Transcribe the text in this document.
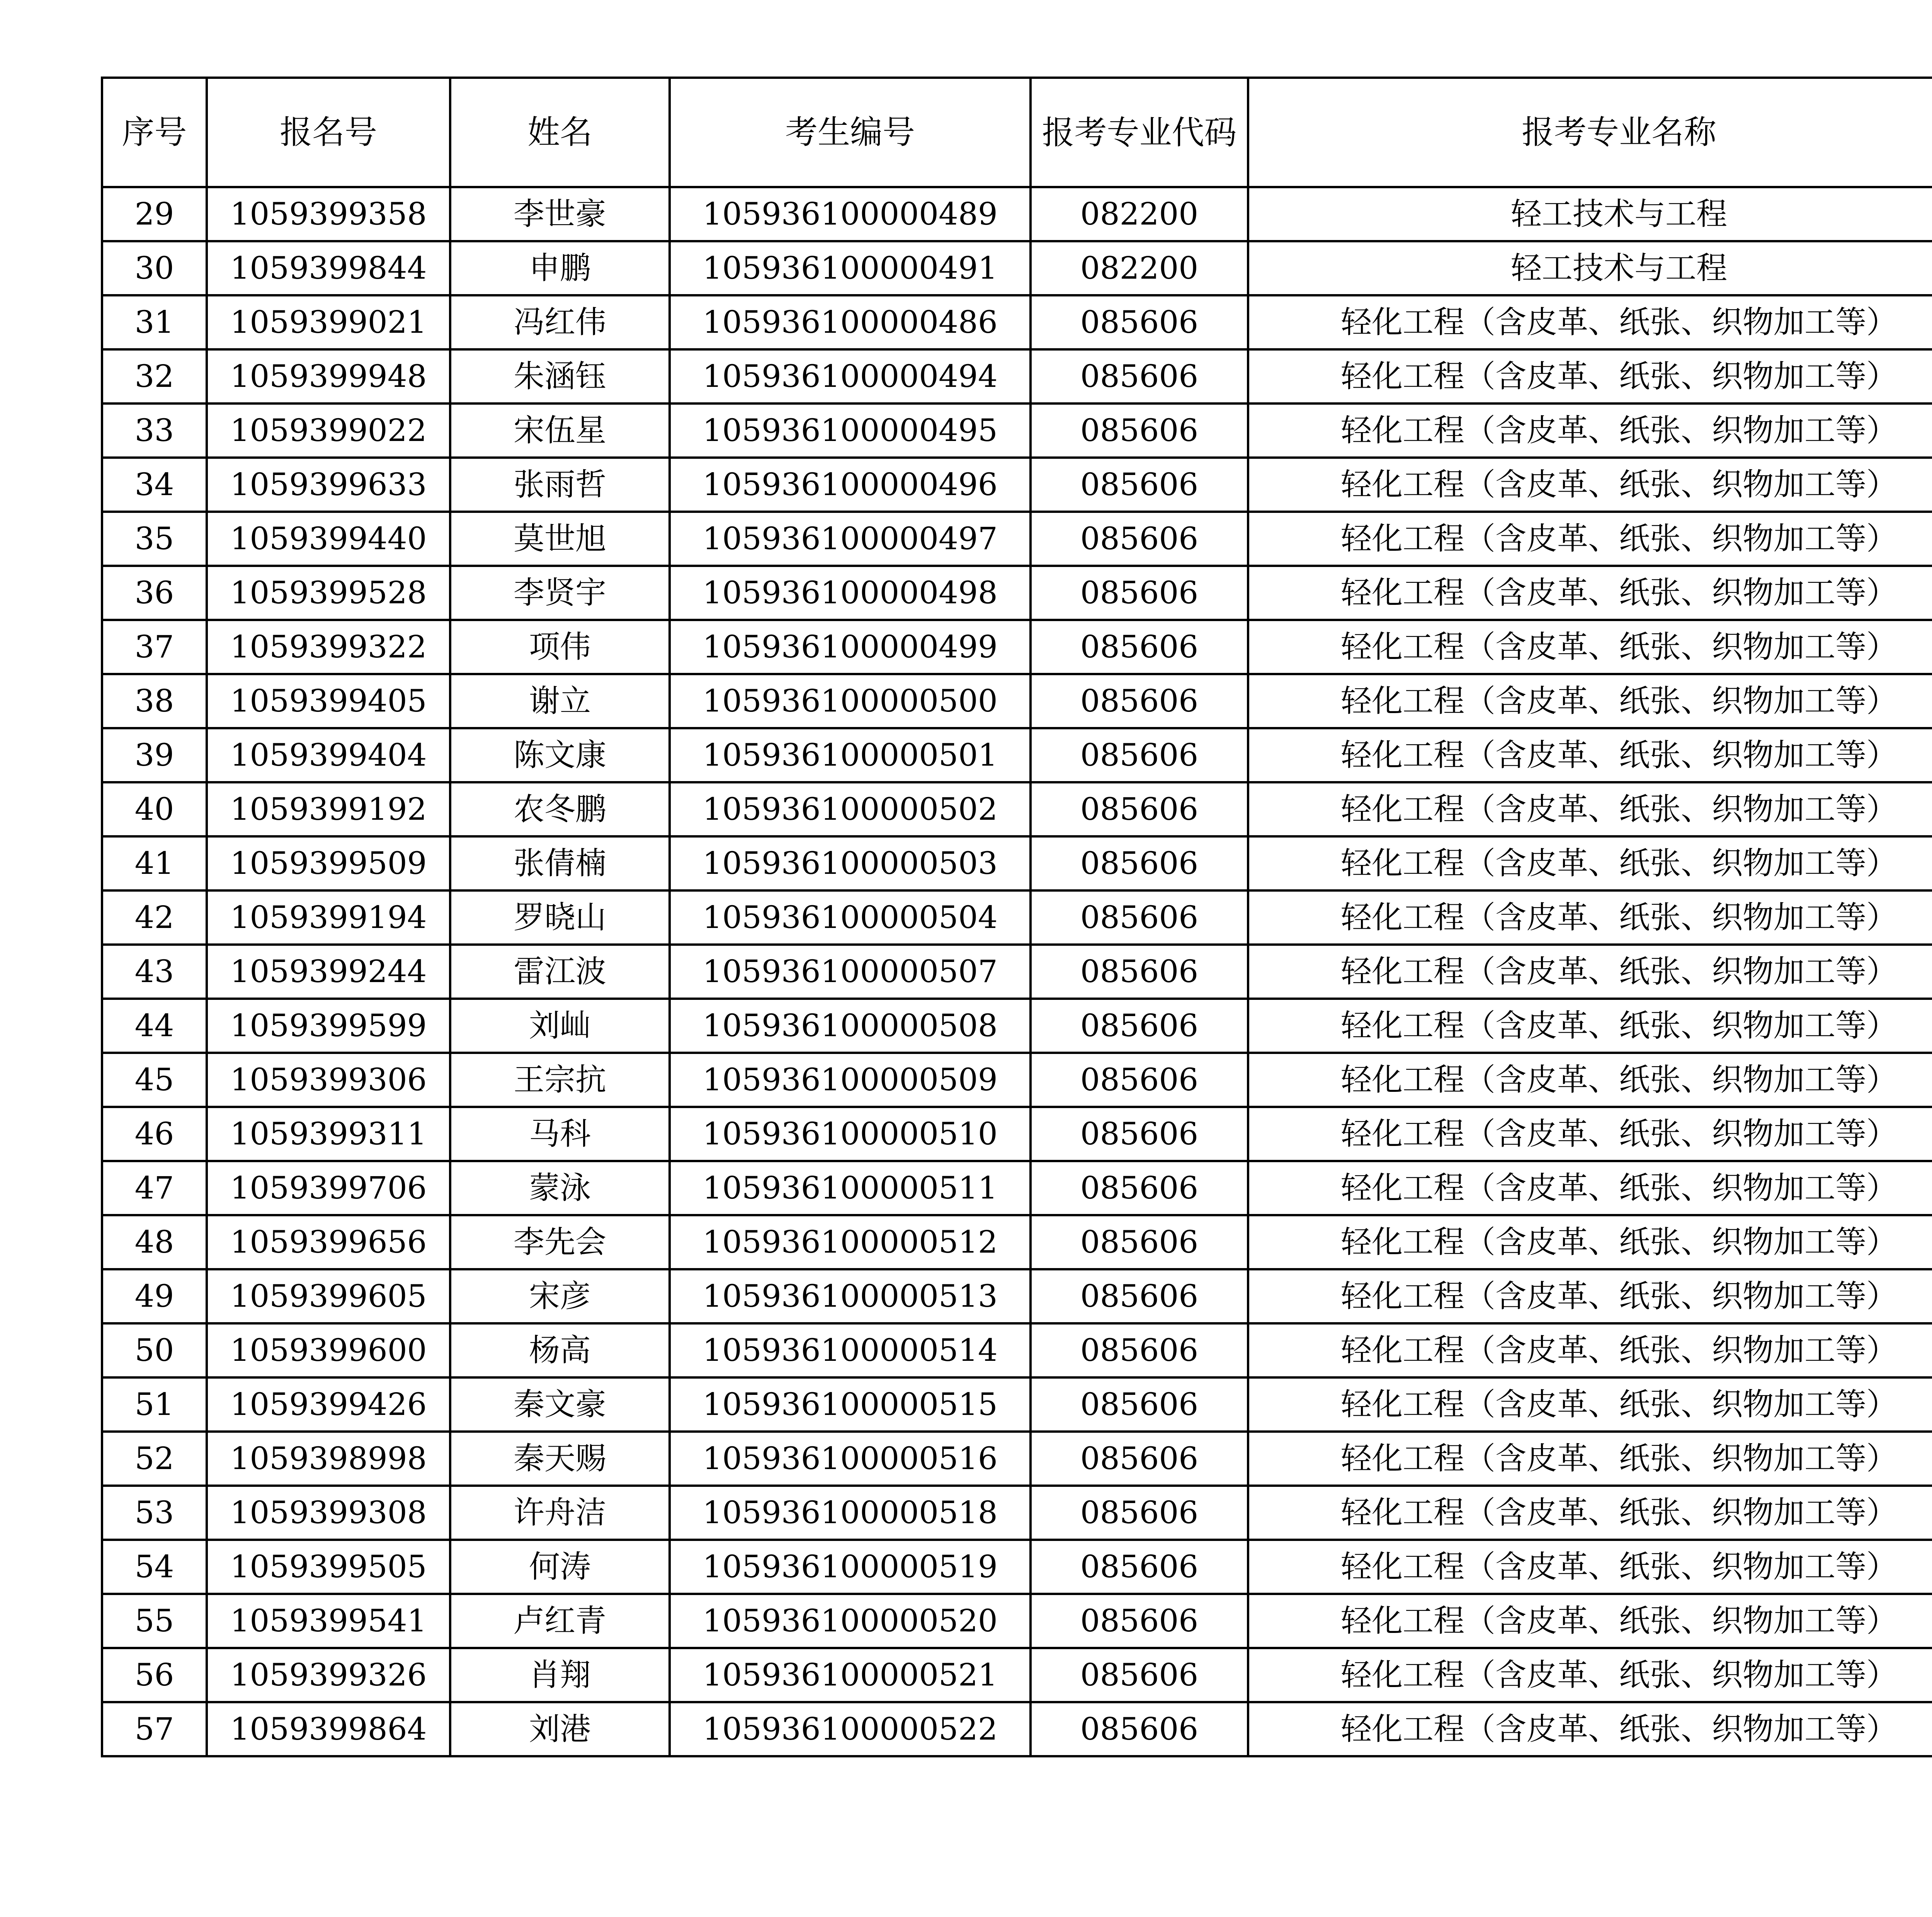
序号	报名号	姓名	考生编号	报考专业代码	报考专业名称			
29	1059399358	李世豪	105936100000489	082200	轻工技术与工程			
30	1059399844	申鹏	105936100000491	082200	轻工技术与工程			
31	1059399021	冯红伟	105936100000486	085606	轻化工程（含皮革、纸张、织物加工等）			
32	1059399948	朱涵钰	105936100000494	085606	轻化工程（含皮革、纸张、织物加工等）			
33	1059399022	宋伍星	105936100000495	085606	轻化工程（含皮革、纸张、织物加工等）			
34	1059399633	张雨哲	105936100000496	085606	轻化工程（含皮革、纸张、织物加工等）			
35	1059399440	莫世旭	105936100000497	085606	轻化工程（含皮革、纸张、织物加工等）			
36	1059399528	李贤宇	105936100000498	085606	轻化工程（含皮革、纸张、织物加工等）			
37	1059399322	项伟	105936100000499	085606	轻化工程（含皮革、纸张、织物加工等）			
38	1059399405	谢立	105936100000500	085606	轻化工程（含皮革、纸张、织物加工等）			
39	1059399404	陈文康	105936100000501	085606	轻化工程（含皮革、纸张、织物加工等）			
40	1059399192	农冬鹏	105936100000502	085606	轻化工程（含皮革、纸张、织物加工等）			
41	1059399509	张倩楠	105936100000503	085606	轻化工程（含皮革、纸张、织物加工等）			
42	1059399194	罗晓山	105936100000504	085606	轻化工程（含皮革、纸张、织物加工等）			
43	1059399244	雷江波	105936100000507	085606	轻化工程（含皮革、纸张、织物加工等）			
44	1059399599	刘屾	105936100000508	085606	轻化工程（含皮革、纸张、织物加工等）			
45	1059399306	王宗抗	105936100000509	085606	轻化工程（含皮革、纸张、织物加工等）			
46	1059399311	马科	105936100000510	085606	轻化工程（含皮革、纸张、织物加工等）			
47	1059399706	蒙泳	105936100000511	085606	轻化工程（含皮革、纸张、织物加工等）			
48	1059399656	李先会	105936100000512	085606	轻化工程（含皮革、纸张、织物加工等）			
49	1059399605	宋彦	105936100000513	085606	轻化工程（含皮革、纸张、织物加工等）			
50	1059399600	杨高	105936100000514	085606	轻化工程（含皮革、纸张、织物加工等）			
51	1059399426	秦文豪	105936100000515	085606	轻化工程（含皮革、纸张、织物加工等）			
52	1059398998	秦天赐	105936100000516	085606	轻化工程（含皮革、纸张、织物加工等）			
53	1059399308	许舟洁	105936100000518	085606	轻化工程（含皮革、纸张、织物加工等）			
54	1059399505	何涛	105936100000519	085606	轻化工程（含皮革、纸张、织物加工等）			
55	1059399541	卢红青	105936100000520	085606	轻化工程（含皮革、纸张、织物加工等）			
56	1059399326	肖翔	105936100000521	085606	轻化工程（含皮革、纸张、织物加工等）			
57	1059399864	刘港	105936100000522	085606	轻化工程（含皮革、纸张、织物加工等）			
